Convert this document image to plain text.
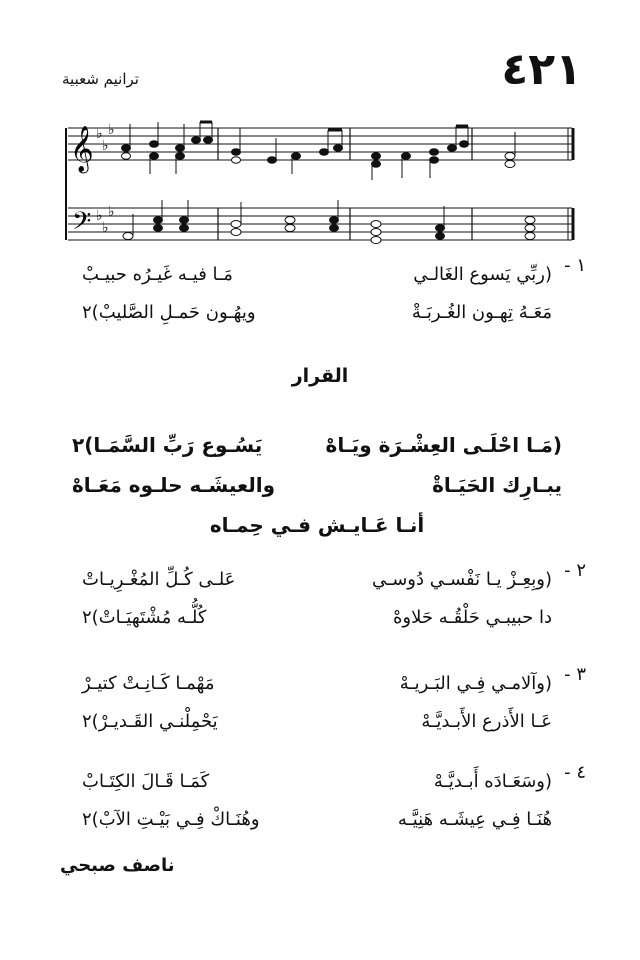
ترانيم شعبية	٤٢١
𝄞
𝄢
♭
♭
♭
♭
♭
♭
١ -
(ربِّي يَسوع الغَالـي
مَـا فيـه غَيـرُه حبيـبْ
مَعَـهُ تِهـون الغُـربَـةْ
ويهُـون حَمـلِ الصَّليبْ)٢
القرار
(مَـا احْلَـى العِشْـرَة ويَـاهْ
يَسُـوع رَبِّ السَّمَـا)٢
يبـارِك الحَيَـاةْ
والعيشَـه حلـوه مَعَـاهْ
أنـا عَـايـش فـي حِمـاه
٢ -
(وبِعِـزْ يـا نَفْسـي دُوسـي
عَلـى كُـلِّ المُغْـرِيـاتْ
دا حبيبـي حَلْقُـه حَلاوهْ
كُلُّـه مُشْتَهيَـاتْ)٢
٣ -
(وآلامـي فِـي البَـريـهْ
مَهْمـا كَـانِـتْ كتيـرْ
عَـا الأَذرع الأَبـديَّـهْ
يَحْمِلْنـي القَـديـرْ)٢
٤ -
(وسَعَـادَه أَبـديَّـهْ
كَمَـا قَـالَ الكِتَـابْ
هُنَـا فِـي عِيشَـه هَنِيَّـه
وهُنَـاكْ فِـي بَيْـتِ الآبْ)٢
ناصف صبحي
